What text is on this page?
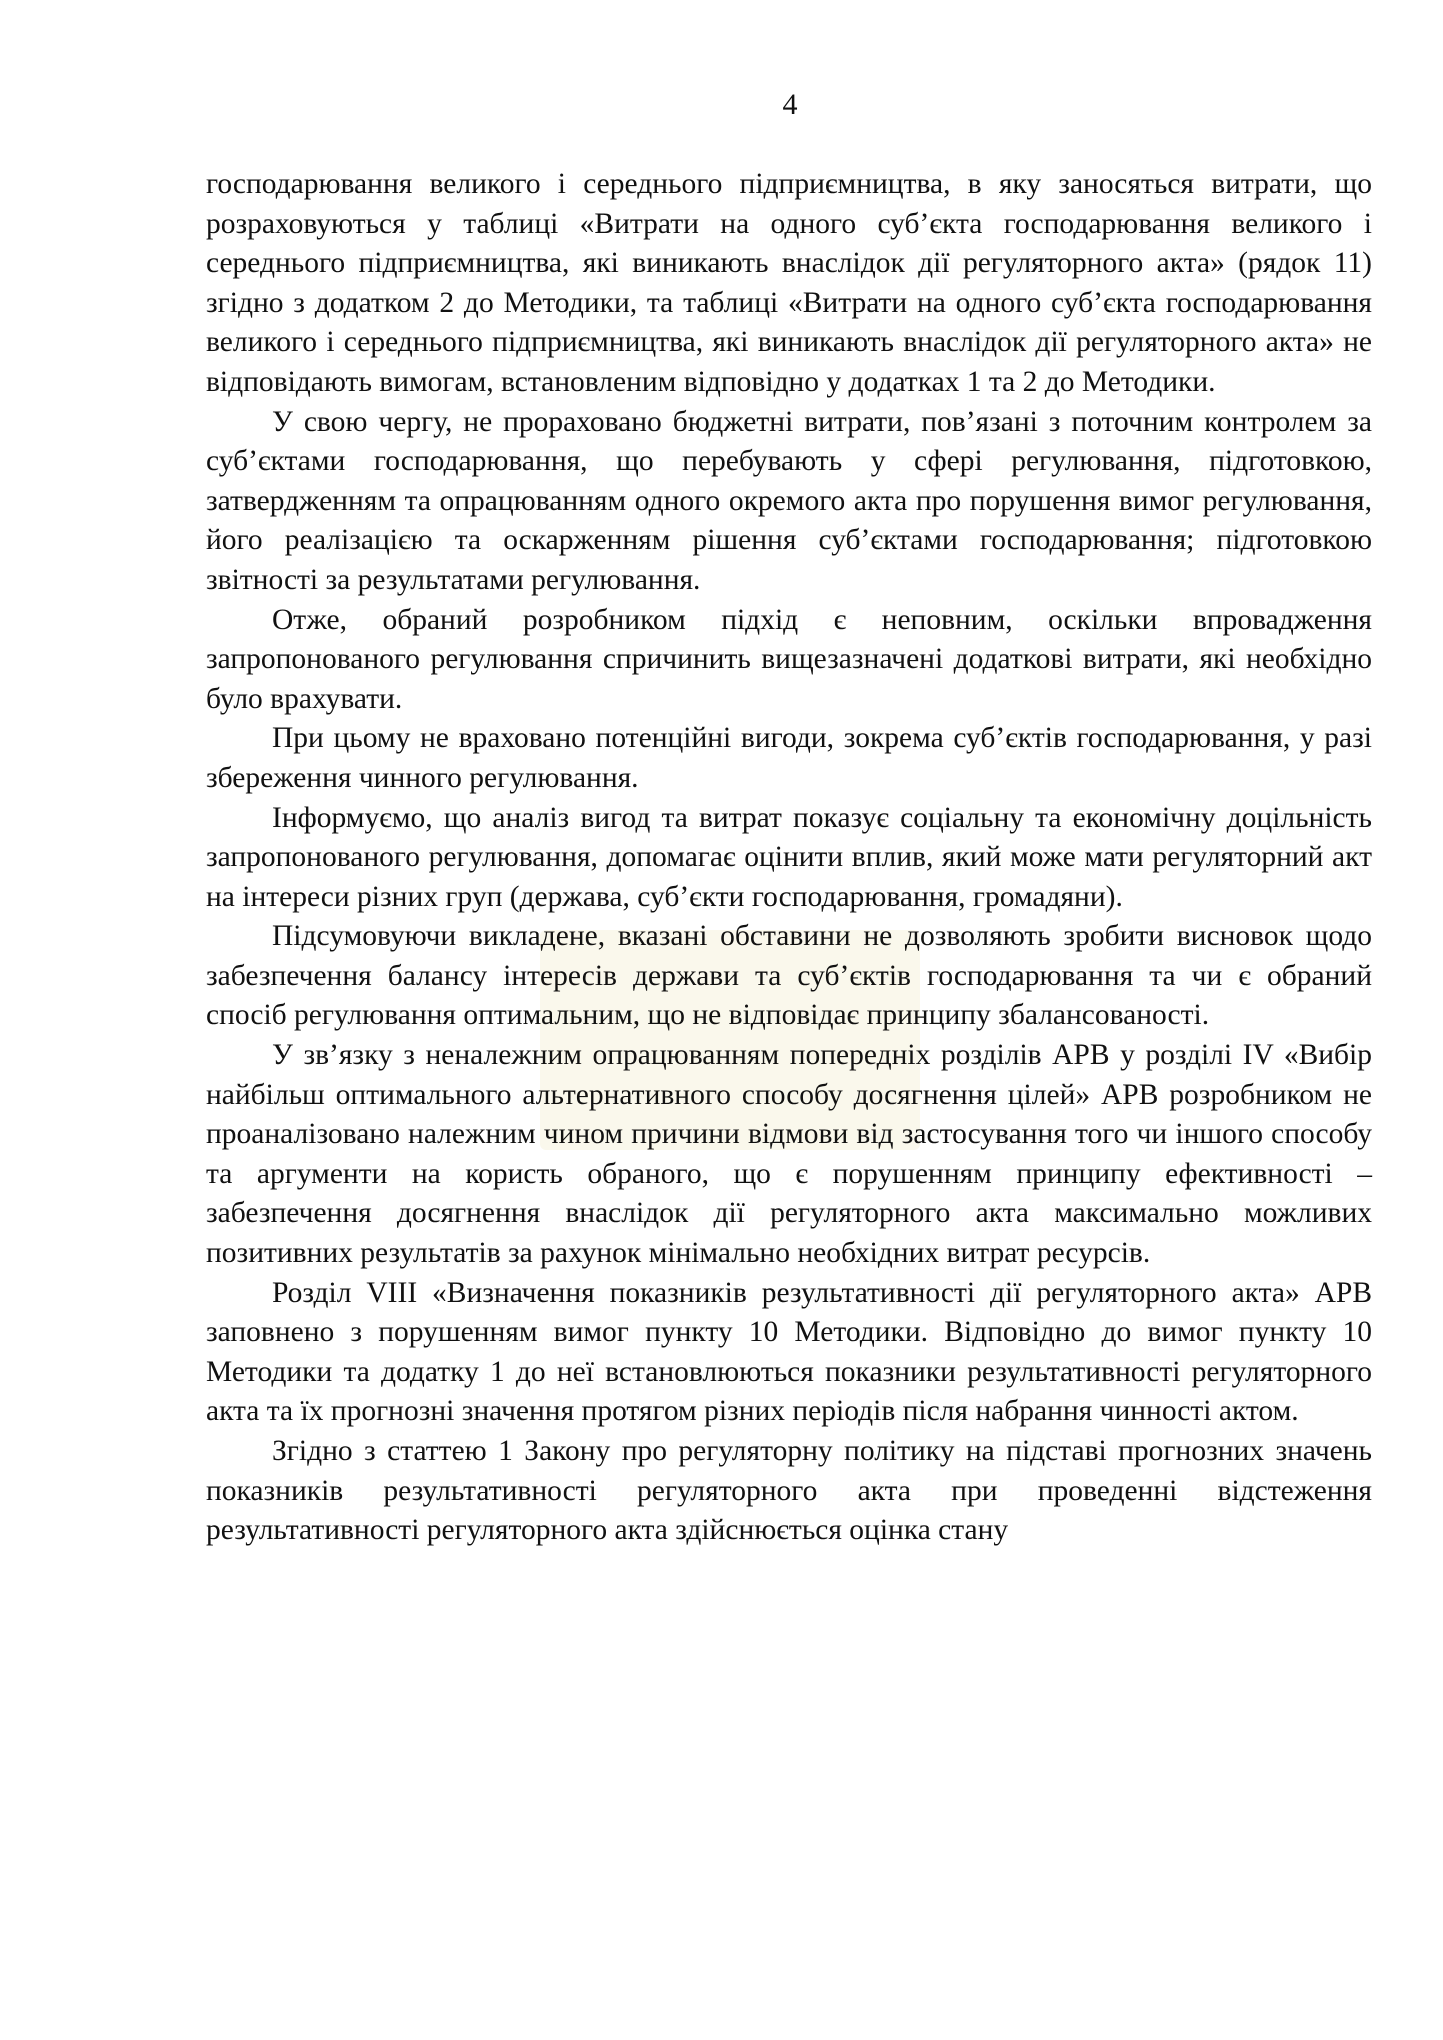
4

господарювання великого і середнього підприємництва, в яку заносяться витрати, що розраховуються у таблиці «Витрати на одного суб’єкта господарювання великого і середнього підприємництва, які виникають внаслідок дії регуляторного акта» (рядок 11) згідно з додатком 2 до Методики, та таблиці «Витрати на одного суб’єкта господарювання великого і середнього підприємництва, які виникають внаслідок дії регуляторного акта» не відповідають вимогам, встановленим відповідно у додатках 1 та 2 до Методики.

У свою чергу, не прораховано бюджетні витрати, пов’язані з поточним контролем за суб’єктами господарювання, що перебувають у сфері регулювання, підготовкою, затвердженням та опрацюванням одного окремого акта про порушення вимог регулювання, його реалізацією та оскарженням рішення суб’єктами господарювання; підготовкою звітності за результатами регулювання.

Отже, обраний розробником підхід є неповним, оскільки впровадження запропонованого регулювання спричинить вищезазначені додаткові витрати, які необхідно було врахувати.

При цьому не враховано потенційні вигоди, зокрема суб’єктів господарювання, у разі збереження чинного регулювання.

Інформуємо, що аналіз вигод та витрат показує соціальну та економічну доцільність запропонованого регулювання, допомагає оцінити вплив, який може мати регуляторний акт на інтереси різних груп (держава, суб’єкти господарювання, громадяни).

Підсумовуючи викладене, вказані обставини не дозволяють зробити висновок щодо забезпечення балансу інтересів держави та суб’єктів господарювання та чи є обраний спосіб регулювання оптимальним, що не відповідає принципу збалансованості.

У зв’язку з неналежним опрацюванням попередніх розділів АРВ у розділі IV «Вибір найбільш оптимального альтернативного способу досягнення цілей» АРВ розробником не проаналізовано належним чином причини відмови від застосування того чи іншого способу та аргументи на користь обраного, що є порушенням принципу ефективності – забезпечення досягнення внаслідок дії регуляторного акта максимально можливих позитивних результатів за рахунок мінімально необхідних витрат ресурсів.

Розділ VIII «Визначення показників результативності дії регуляторного акта» АРВ заповнено з порушенням вимог пункту 10 Методики. Відповідно до вимог пункту 10 Методики та додатку 1 до неї встановлюються показники результативності регуляторного акта та їх прогнозні значення протягом різних періодів після набрання чинності актом.

Згідно з статтею 1 Закону про регуляторну політику на підставі прогнозних значень показників результативності регуляторного акта при проведенні відстеження результативності регуляторного акта здійснюється оцінка стану
